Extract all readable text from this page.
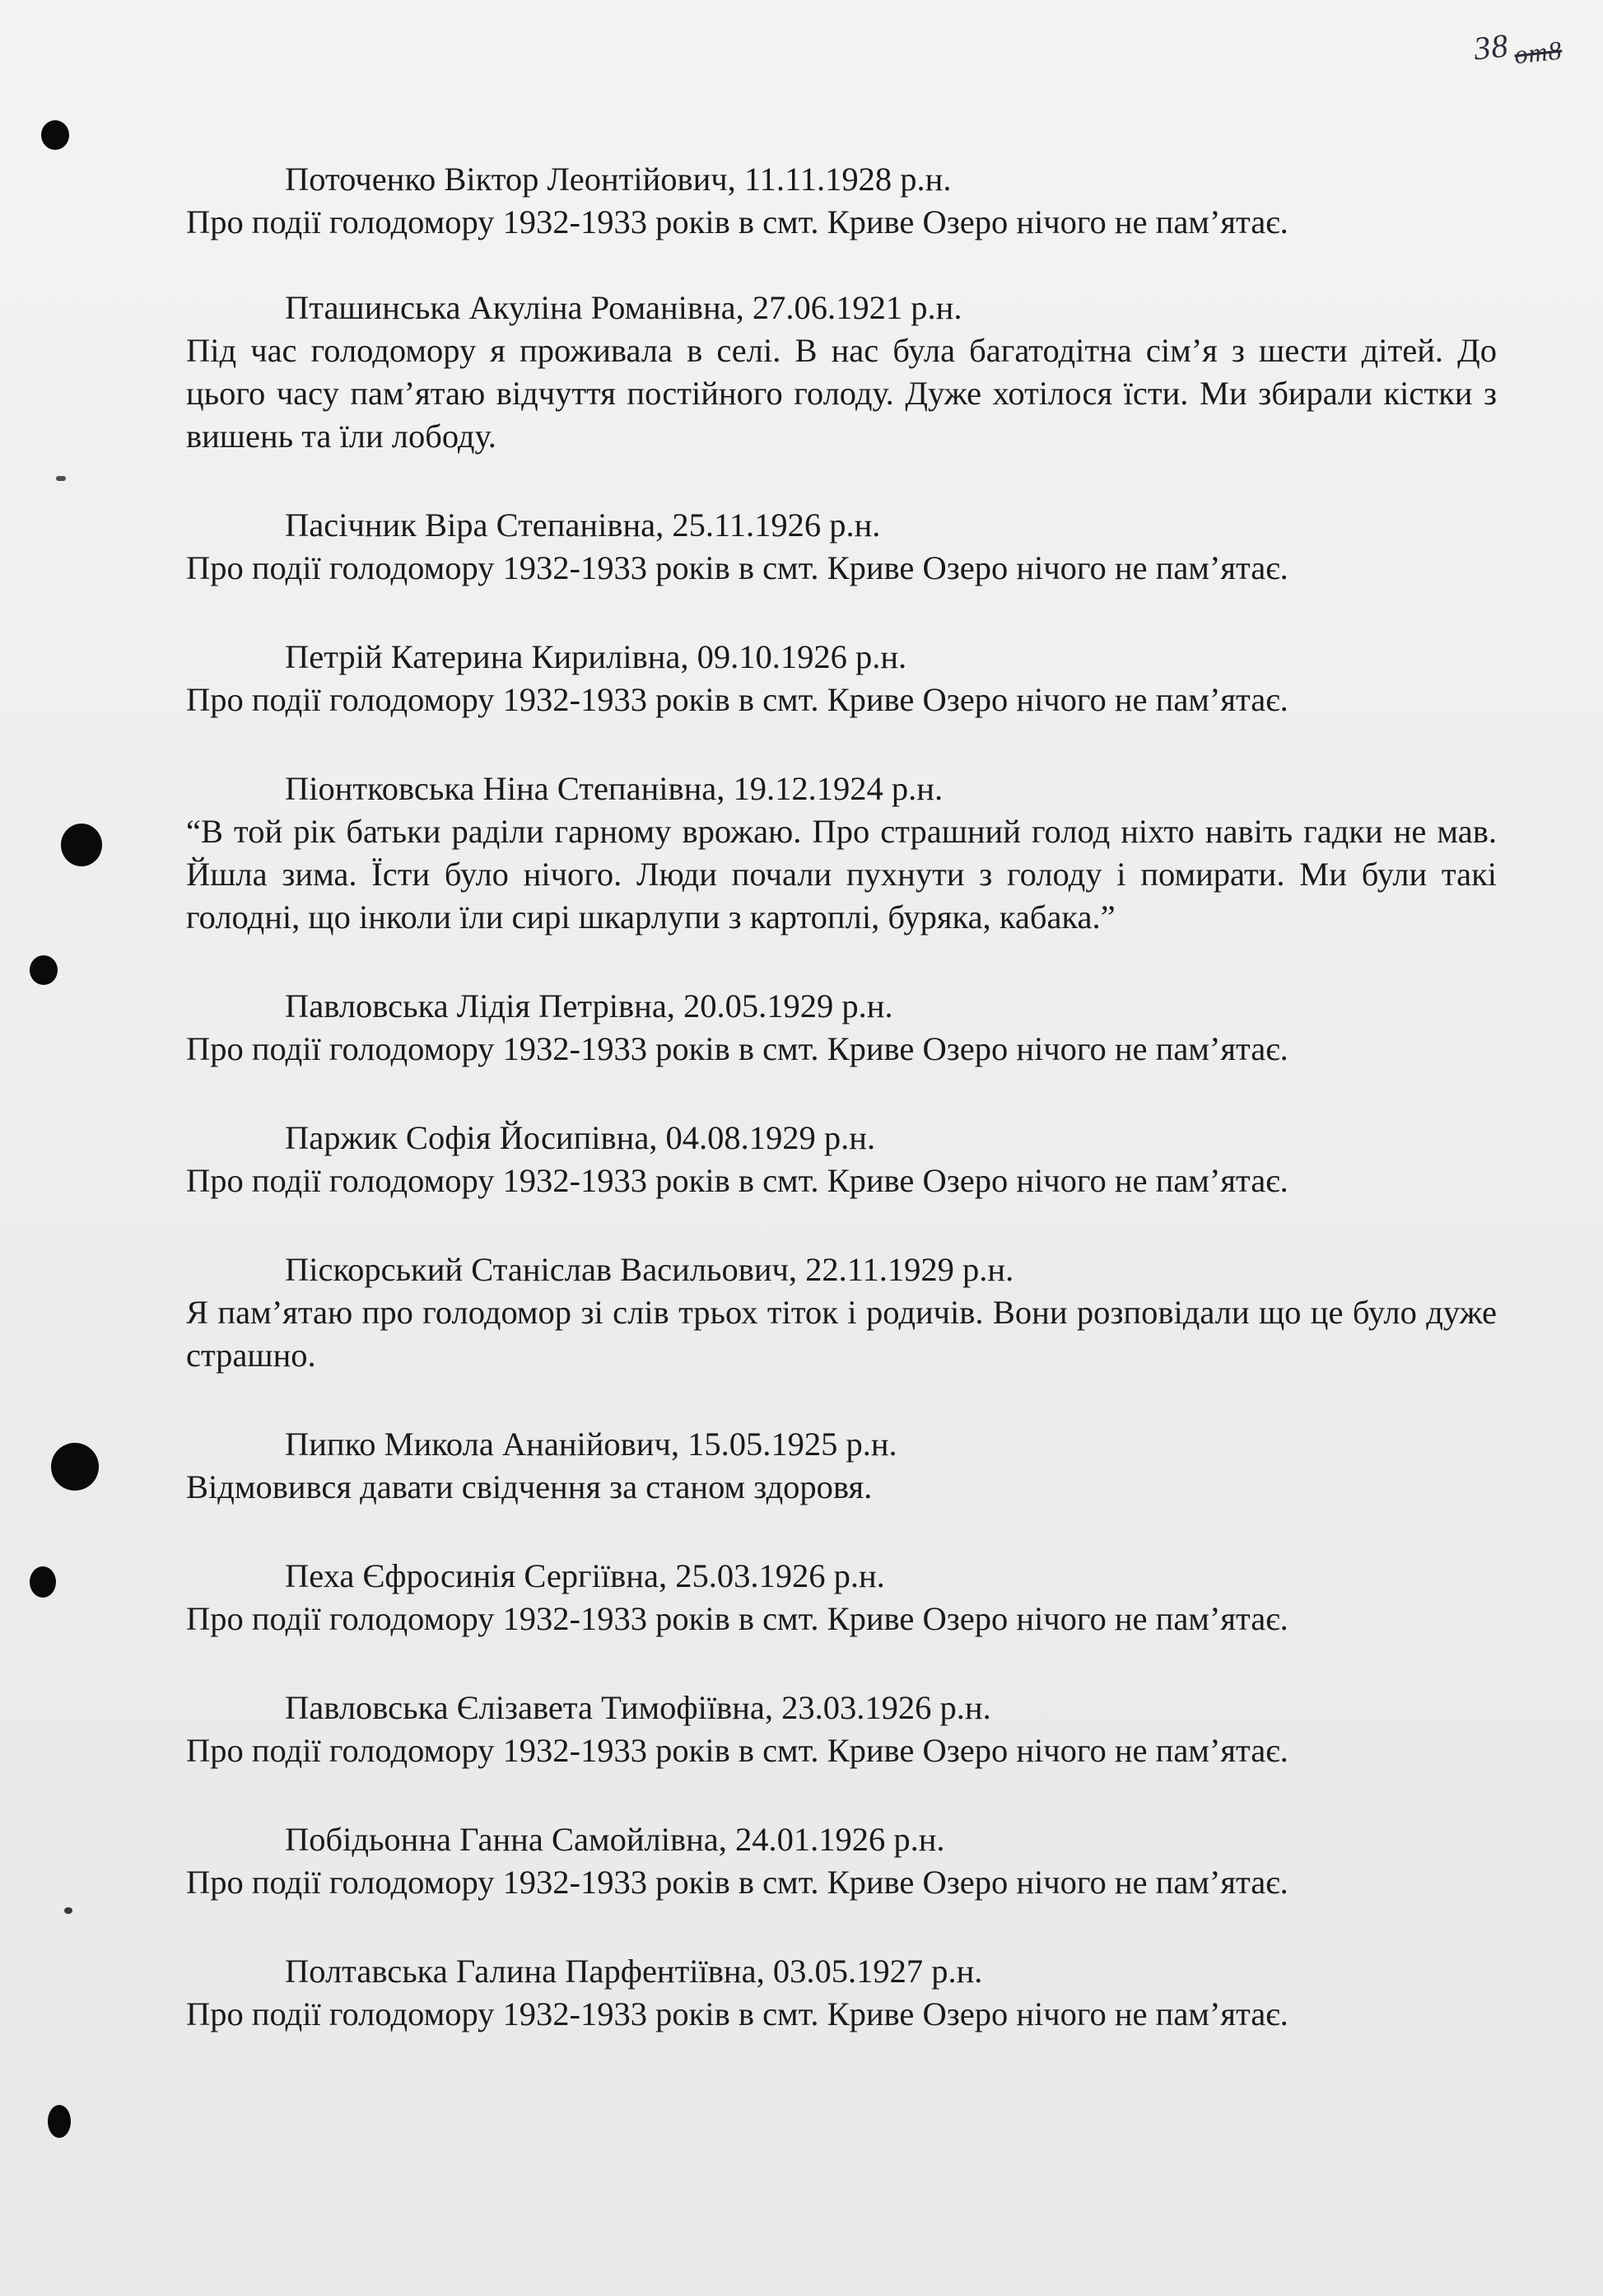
$38_{от8}$

Поточенко Віктор Леонтійович, 11.11.1928 р.н.

Про події голодомору 1932-1933 років в смт. Криве Озеро нічого не пам’ятає.

Пташинська Акуліна Романівна, 27.06.1921 р.н.

Під час голодомору я проживала в селі. В нас була багатодітна сім’я з шести дітей. До цього часу пам’ятаю відчуття постійного голоду. Дуже хотілося їсти. Ми збирали кістки з вишень та їли лободу.

Пасічник Віра Степанівна, 25.11.1926 р.н.

Про події голодомору 1932-1933 років в смт. Криве Озеро нічого не пам’ятає.

Петрій Катерина Кирилівна, 09.10.1926 р.н.

Про події голодомору 1932-1933 років в смт. Криве Озеро нічого не пам’ятає.

Піонтковська Ніна Степанівна, 19.12.1924 р.н.

“В той рік батьки раділи гарному врожаю. Про страшний голод ніхто навіть гадки не мав. Йшла зима. Їсти було нічого. Люди почали пухнути з голоду і помирати. Ми були такі голодні, що інколи їли сирі шкарлупи з картоплі, буряка, кабака.”

Павловська Лідія Петрівна, 20.05.1929 р.н.

Про події голодомору 1932-1933 років в смт. Криве Озеро нічого не пам’ятає.

Паржик Софія Йосипівна, 04.08.1929 р.н.

Про події голодомору 1932-1933 років в смт. Криве Озеро нічого не пам’ятає.

Піскорський Станіслав Васильович, 22.11.1929 р.н.

Я пам’ятаю про голодомор зі слів трьох тіток і родичів. Вони розповідали що це було дуже страшно.

Пипко Микола Ананійович, 15.05.1925 р.н.

Відмовився давати свідчення за станом здоровя.

Пеха Єфросинія Сергіївна, 25.03.1926 р.н.

Про події голодомору 1932-1933 років в смт. Криве Озеро нічого не пам’ятає.

Павловська Єлізавета Тимофіївна, 23.03.1926 р.н.

Про події голодомору 1932-1933 років в смт. Криве Озеро нічого не пам’ятає.

Побідьонна Ганна Самойлівна, 24.01.1926 р.н.

Про події голодомору 1932-1933 років в смт. Криве Озеро нічого не пам’ятає.

Полтавська Галина Парфентіївна, 03.05.1927 р.н.

Про події голодомору 1932-1933 років в смт. Криве Озеро нічого не пам’ятає.
